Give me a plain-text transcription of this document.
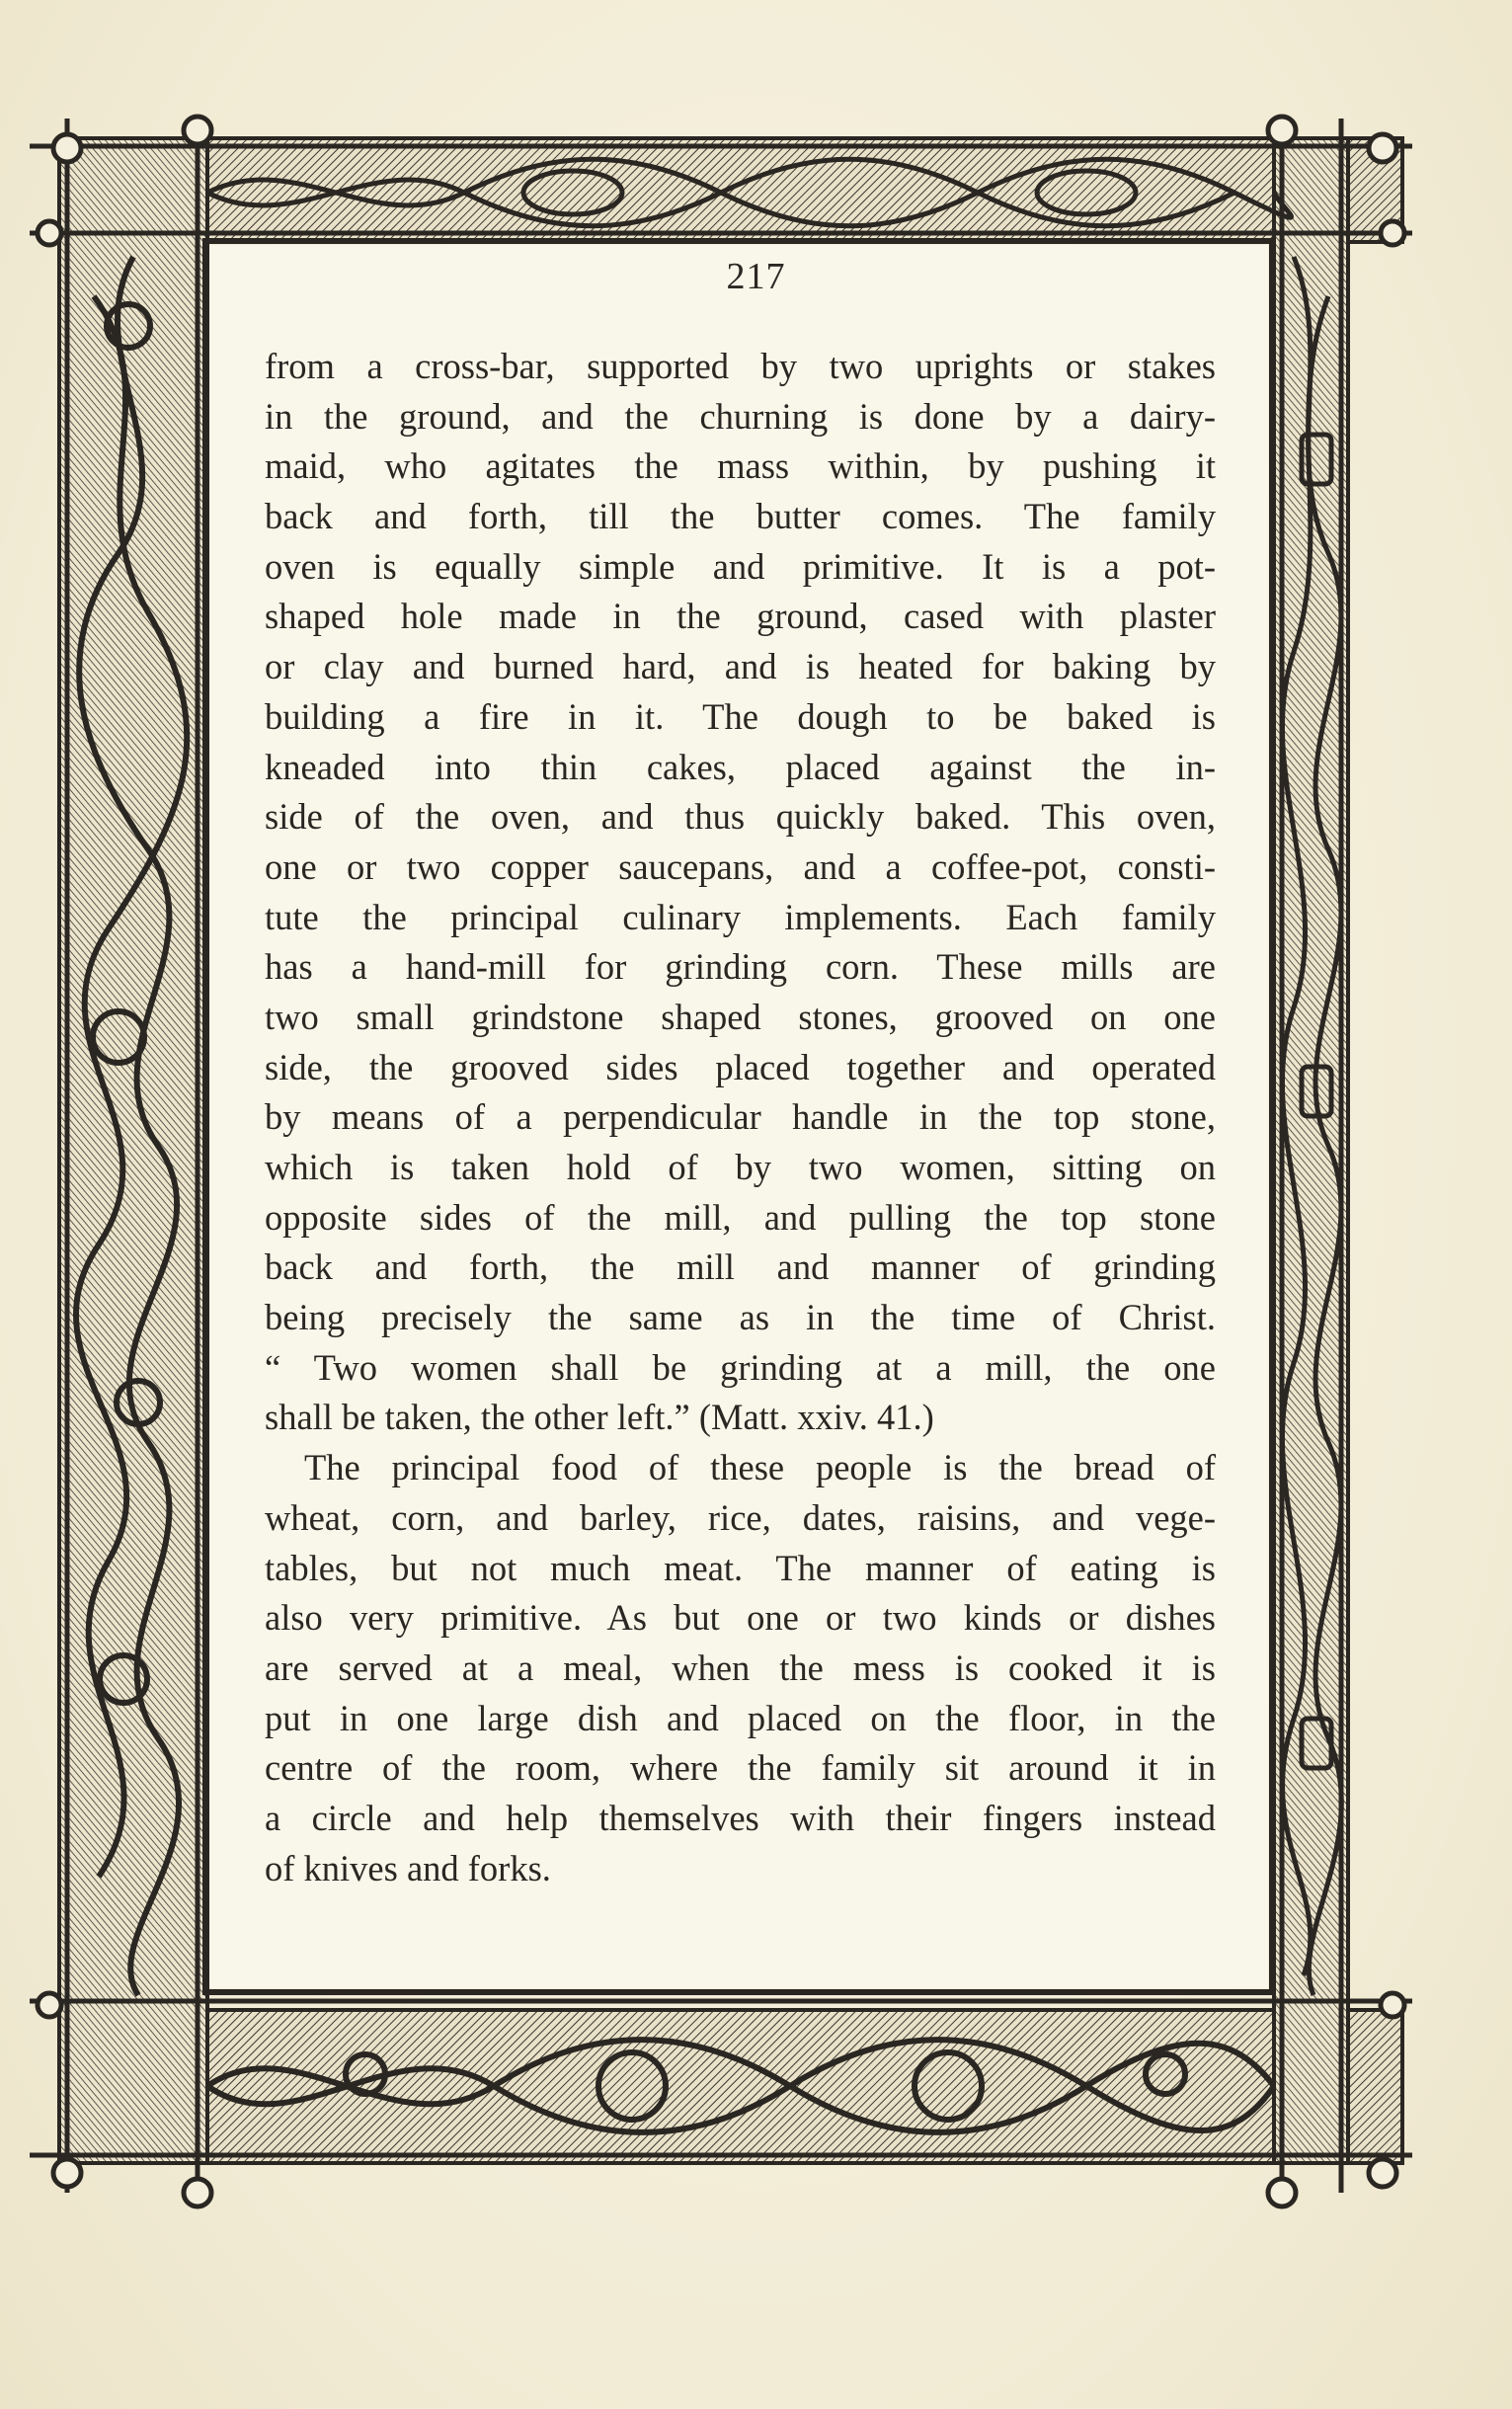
217
from a cross-bar, supported by two uprights or stakes
in the ground, and the churning is done by a dairy-
maid, who agitates the mass within, by pushing it
back and forth, till the butter comes. The family
oven is equally simple and primitive. It is a pot-
shaped hole made in the ground, cased with plaster
or clay and burned hard, and is heated for baking by
building a fire in it. The dough to be baked is
kneaded into thin cakes, placed against the in-
side of the oven, and thus quickly baked. This oven,
one or two copper saucepans, and a coffee-pot, consti-
tute the principal culinary implements. Each family
has a hand-mill for grinding corn. These mills are
two small grindstone shaped stones, grooved on one
side, the grooved sides placed together and operated
by means of a perpendicular handle in the top stone,
which is taken hold of by two women, sitting on
opposite sides of the mill, and pulling the top stone
back and forth, the mill and manner of grinding
being precisely the same as in the time of Christ.
“ Two women shall be grinding at a mill, the one
shall be taken, the other left.” (Matt. xxiv. 41.)
The principal food of these people is the bread of
wheat, corn, and barley, rice, dates, raisins, and vege-
tables, but not much meat. The manner of eating is
also very primitive. As but one or two kinds or dishes
are served at a meal, when the mess is cooked it is
put in one large dish and placed on the floor, in the
centre of the room, where the family sit around it in
a circle and help themselves with their fingers instead
of knives and forks.
